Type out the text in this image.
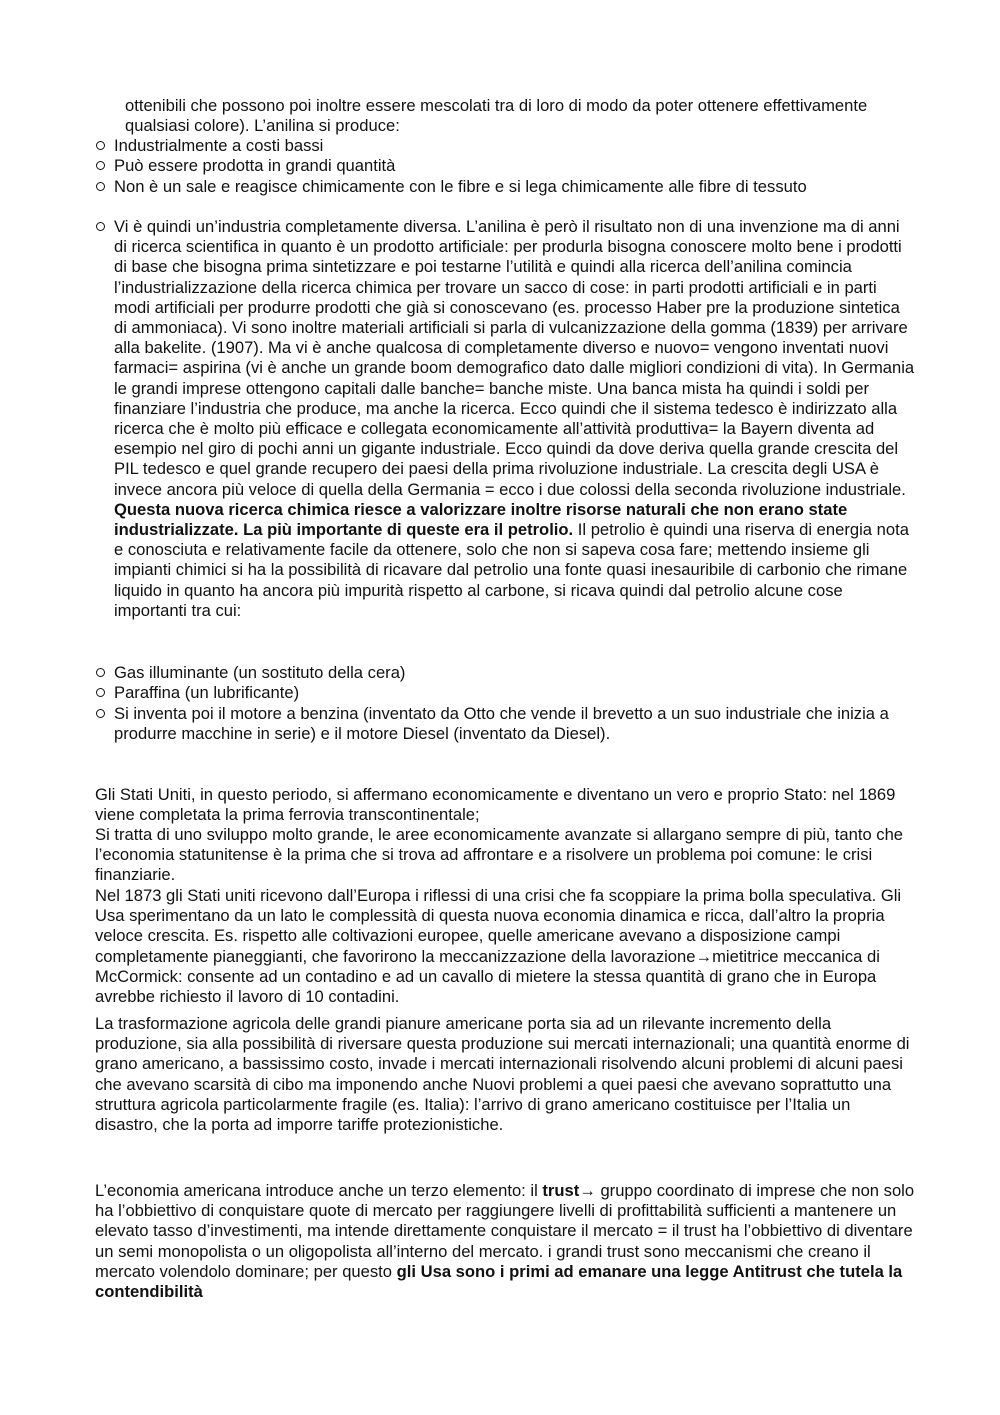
ottenibili che possono poi inoltre essere mescolati tra di loro di modo da poter ottenere effettivamente qualsiasi colore). L’anilina si produce:

Industrialmente a costi bassi
Può essere prodotta in grandi quantità
Non è un sale e reagisce chimicamente con le fibre e si lega chimicamente alle fibre di tessuto
Vi è quindi un’industria completamente diversa. L’anilina è però il risultato non di una invenzione ma di anni di ricerca scientifica in quanto è un prodotto artificiale: per produrla bisogna conoscere molto bene i prodotti di base che bisogna prima sintetizzare e poi testarne l’utilità e quindi alla ricerca dell’anilina comincia l’industrializzazione della ricerca chimica per trovare un sacco di cose: in parti prodotti artificiali e in parti modi artificiali per produrre prodotti che già si conoscevano (es. processo Haber pre la produzione sintetica di ammoniaca). Vi sono inoltre materiali artificiali si parla di vulcanizzazione della gomma (1839) per arrivare alla bakelite. (1907). Ma vi è anche qualcosa di completamente diverso e nuovo= vengono inventati nuovi farmaci= aspirina (vi è anche un grande boom demografico dato dalle migliori condizioni di vita). In Germania le grandi imprese ottengono capitali dalle banche= banche miste. Una banca mista ha quindi i soldi per finanziare l’industria che produce, ma anche la ricerca. Ecco quindi che il sistema tedesco è indirizzato alla ricerca che è molto più efficace e collegata economicamente all’attività produttiva= la Bayern diventa ad esempio nel giro di pochi anni un gigante industriale. Ecco quindi da dove deriva quella grande crescita del PIL tedesco e quel grande recupero dei paesi della prima rivoluzione industriale. La crescita degli USA è invece ancora più veloce di quella della Germania = ecco i due colossi della seconda rivoluzione industriale. Questa nuova ricerca chimica riesce a valorizzare inoltre risorse naturali che non erano state industrializzate. La più importante di queste era il petrolio. Il petrolio è quindi una riserva di energia nota e conosciuta e relativamente facile da ottenere, solo che non si sapeva cosa fare; mettendo insieme gli impianti chimici si ha la possibilità di ricavare dal petrolio una fonte quasi inesauribile di carbonio che rimane liquido in quanto ha ancora più impurità rispetto al carbone, si ricava quindi dal petrolio alcune cose importanti tra cui:
Gas illuminante (un sostituto della cera)
Paraffina (un lubrificante)
Si inventa poi il motore a benzina (inventato da Otto che vende il brevetto a un suo industriale che inizia a produrre macchine in serie) e il motore Diesel (inventato da Diesel).

Gli Stati Uniti, in questo periodo, si affermano economicamente e diventano un vero e proprio Stato: nel 1869 viene completata la prima ferrovia transcontinentale;

Si tratta di uno sviluppo molto grande, le aree economicamente avanzate si allargano sempre di più, tanto che l’economia statunitense è la prima che si trova ad affrontare e a risolvere un problema poi comune: le crisi finanziarie.

Nel 1873 gli Stati uniti ricevono dall’Europa i riflessi di una crisi che fa scoppiare la prima bolla speculativa. Gli Usa sperimentano da un lato le complessità di questa nuova economia dinamica e ricca, dall’altro la propria veloce crescita. Es. rispetto alle coltivazioni europee, quelle americane avevano a disposizione campi completamente pianeggianti, che favorirono la meccanizzazione della lavorazione→mietitrice meccanica di McCormick: consente ad un contadino e ad un cavallo di mietere la stessa quantità di grano che in Europa avrebbe richiesto il lavoro di 10 contadini.

La trasformazione agricola delle grandi pianure americane porta sia ad un rilevante incremento della produzione, sia alla possibilità di riversare questa produzione sui mercati internazionali; una quantità enorme di grano americano, a bassissimo costo, invade i mercati internazionali risolvendo alcuni problemi di alcuni paesi che avevano scarsità di cibo ma imponendo anche Nuovi problemi a quei paesi che avevano soprattutto una struttura agricola particolarmente fragile (es. Italia): l’arrivo di grano americano costituisce per l’Italia un disastro, che la porta ad imporre tariffe protezionistiche.

L’economia americana introduce anche un terzo elemento: il trust→ gruppo coordinato di imprese che non solo ha l’obbiettivo di conquistare quote di mercato per raggiungere livelli di profittabilità sufficienti a mantenere un elevato tasso d’investimenti, ma intende direttamente conquistare il mercato = il trust ha l’obbiettivo di diventare un semi monopolista o un oligopolista all’interno del mercato. i grandi trust sono meccanismi che creano il mercato volendolo dominare; per questo gli Usa sono i primi ad emanare una legge Antitrust che tutela la contendibilità
